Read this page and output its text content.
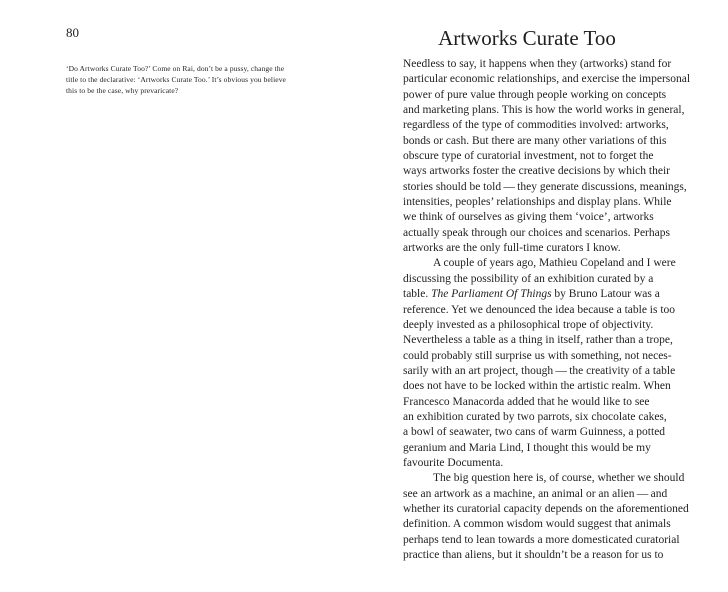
80
‘Do Artworks Curate Too?’ Come on Rai, don’t be a pussy, change the
title to the declarative: ‘Artworks Curate Too.’ It’s obvious you believe
this to be the case, why prevaricate?
Artworks Curate Too
Needless to say, it happens when they (artworks) stand for
particular economic relationships, and exercise the impersonal
power of pure value through people working on concepts
and marketing plans. This is how the world works in general,
regardless of the type of commodities involved: artworks,
bonds or cash. But there are many other variations of this
obscure type of curatorial investment, not to forget the
ways artworks foster the creative decisions by which their
stories should be told — they generate discussions, meanings,
intensities, peoples’ relationships and display plans. While
we think of ourselves as giving them ‘voice’, artworks
actually speak through our choices and scenarios. Perhaps
artworks are the only full-time curators I know.
A couple of years ago, Mathieu Copeland and I were
discussing the possibility of an exhibition curated by a
table. The Parliament Of Things by Bruno Latour was a
reference. Yet we denounced the idea because a table is too
deeply invested as a philosophical trope of objectivity.
Nevertheless a table as a thing in itself, rather than a trope,
could probably still surprise us with something, not neces-
sarily with an art project, though — the creativity of a table
does not have to be locked within the artistic realm. When
Francesco Manacorda added that he would like to see
an exhibition curated by two parrots, six chocolate cakes,
a bowl of seawater, two cans of warm Guinness, a potted
geranium and Maria Lind, I thought this would be my
favourite Documenta.
The big question here is, of course, whether we should
see an artwork as a machine, an animal or an alien — and
whether its curatorial capacity depends on the aforementioned
definition. A common wisdom would suggest that animals
perhaps tend to lean towards a more domesticated curatorial
practice than aliens, but it shouldn’t be a reason for us to
